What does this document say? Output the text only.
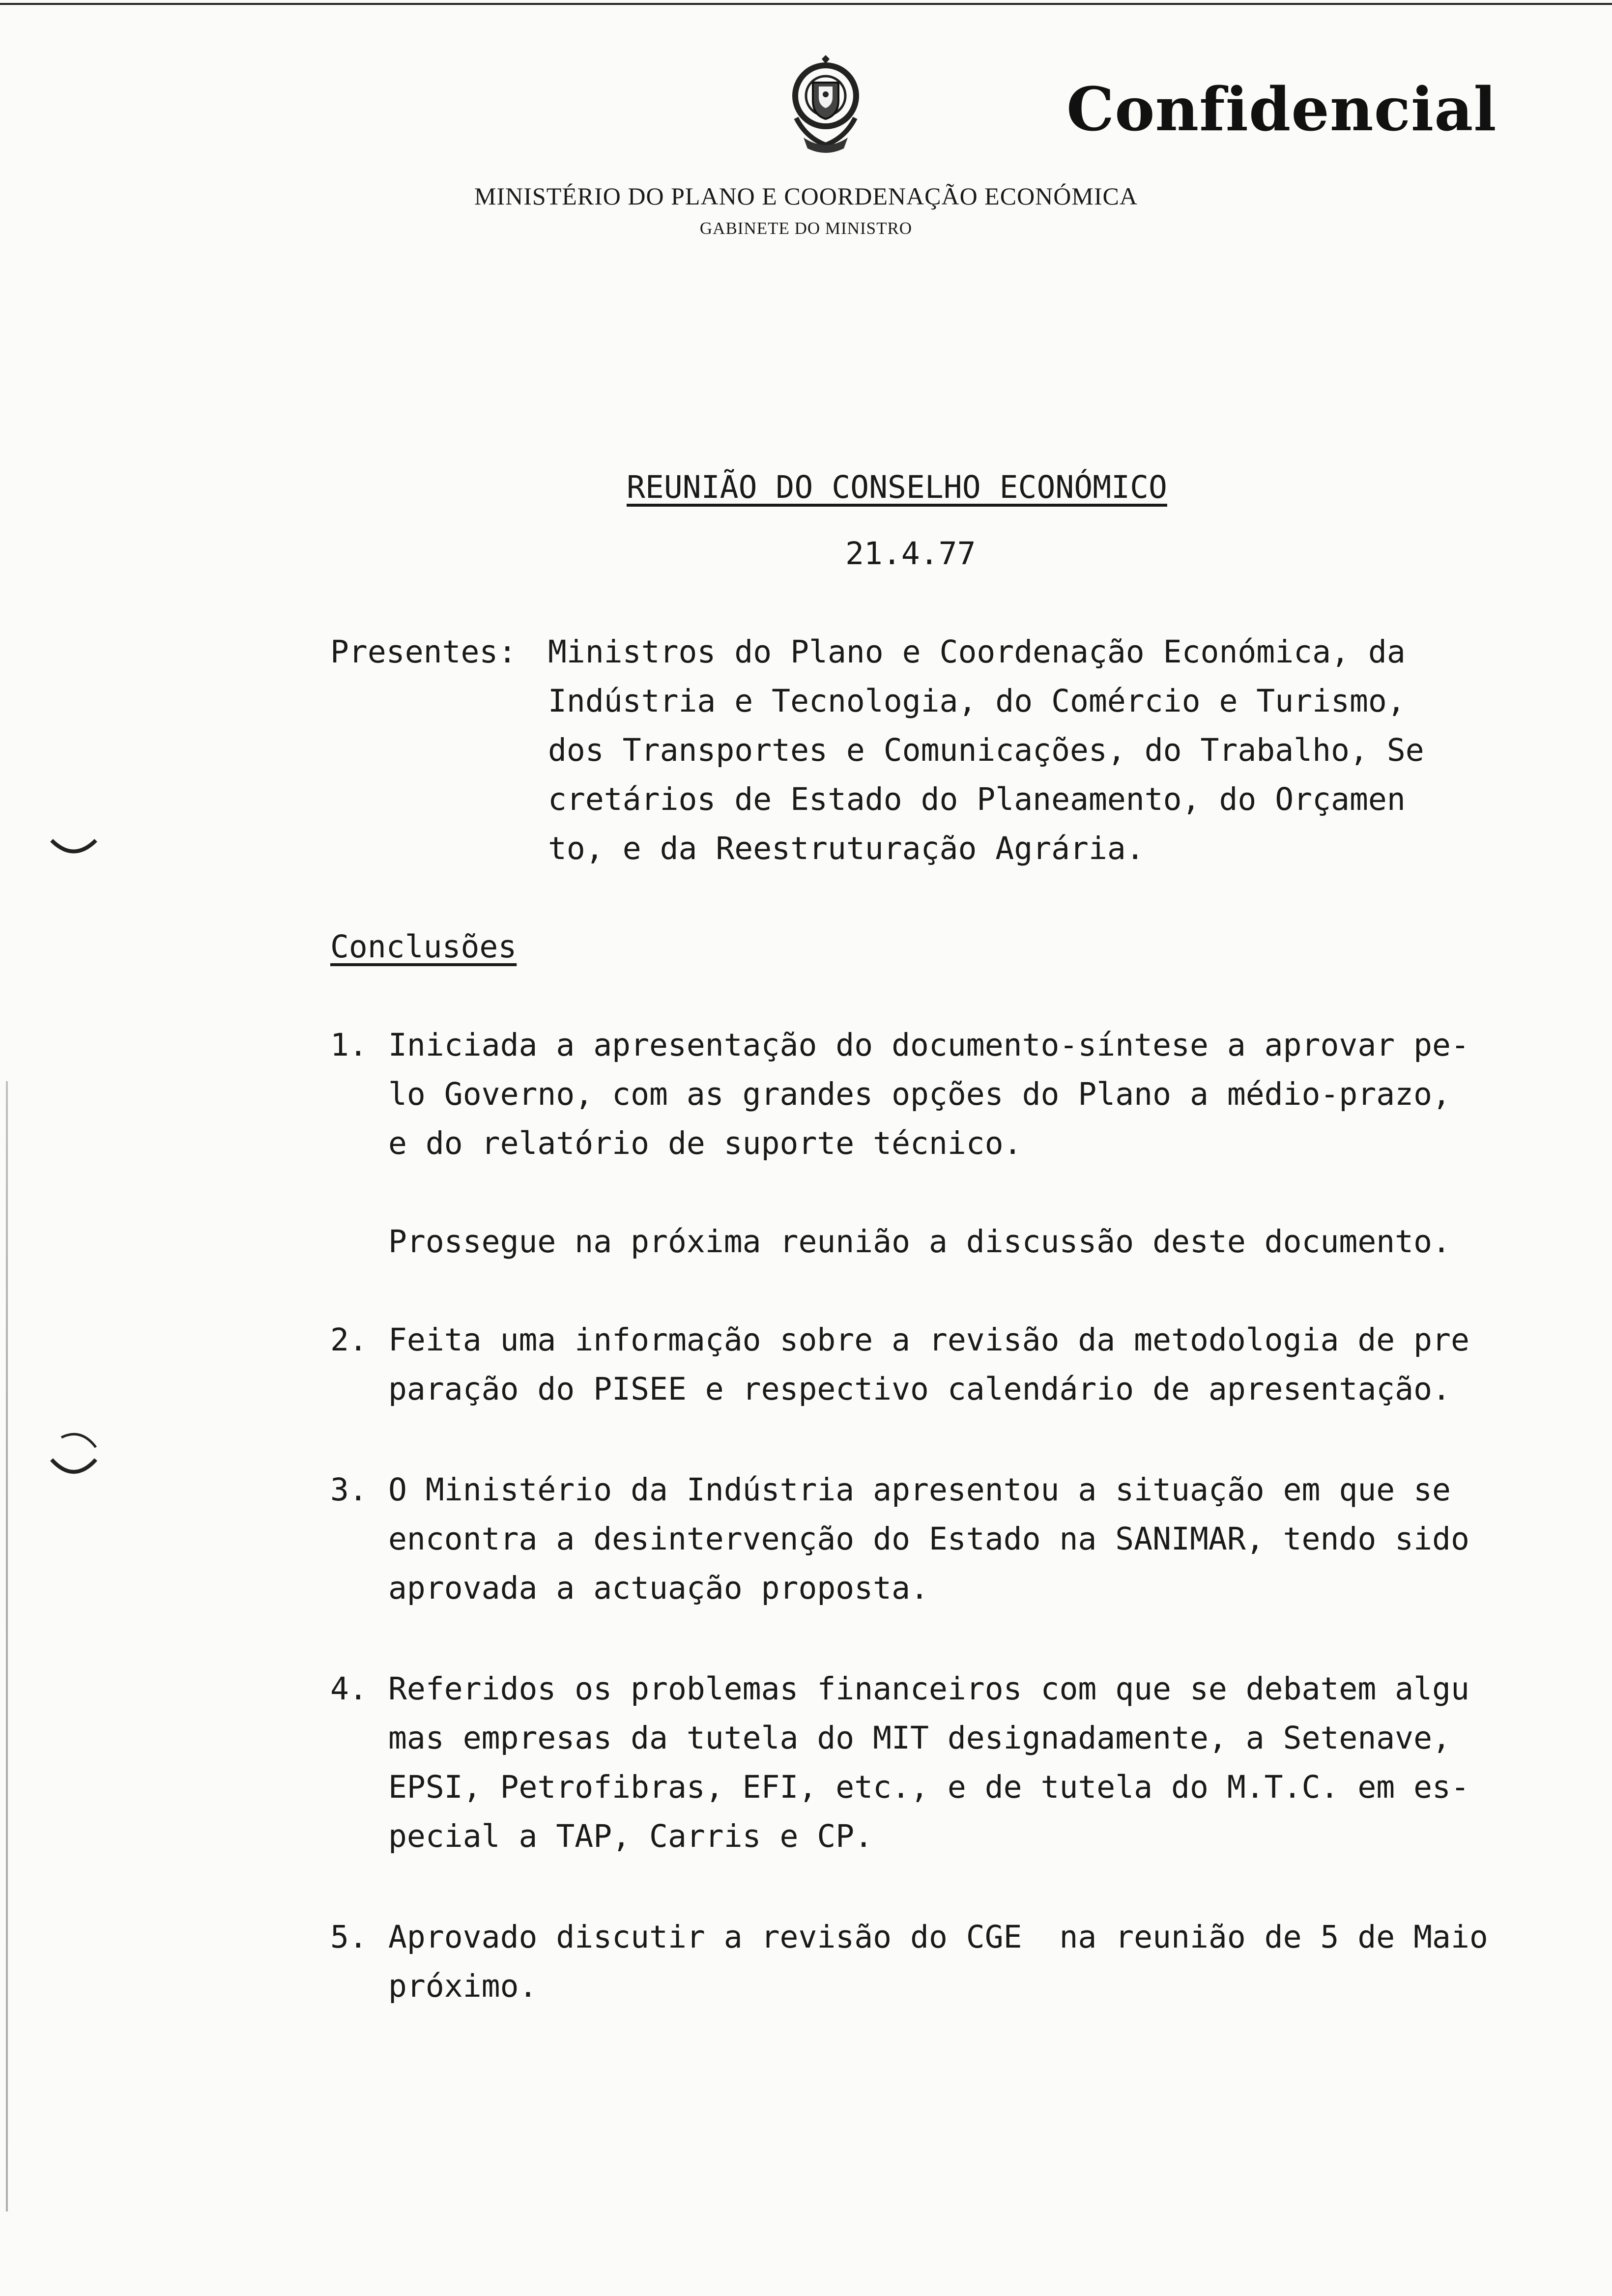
Confidencial
MINISTÉRIO DO PLANO E COORDENAÇÃO ECONÓMICA
GABINETE DO MINISTRO
REUNIÃO DO CONSELHO ECONÓMICO
21.4.77
Presentes: Ministros do Plano e Coordenação Económica, da
Indústria e Tecnologia, do Comércio e Turismo,
dos Transportes e Comunicações, do Trabalho, Se
cretários de Estado do Planeamento, do Orçamen
to, e da Reestruturação Agrária.
Conclusões
1. Iniciada a apresentação do documento-síntese a aprovar pe-
lo Governo, com as grandes opções do Plano a médio-prazo,
e do relatório de suporte técnico.
Prossegue na próxima reunião a discussão deste documento.
2. Feita uma informação sobre a revisão da metodologia de pre
paração do PISEE e respectivo calendário de apresentação.
3. O Ministério da Indústria apresentou a situação em que se
encontra a desintervenção do Estado na SANIMAR, tendo sido
aprovada a actuação proposta.
4. Referidos os problemas financeiros com que se debatem algu
mas empresas da tutela do MIT designadamente, a Setenave,
EPSI, Petrofibras, EFI, etc., e de tutela do M.T.C. em es-
pecial a TAP, Carris e CP.
5. Aprovado discutir a revisão do CGE  na reunião de 5 de Maio
próximo.
